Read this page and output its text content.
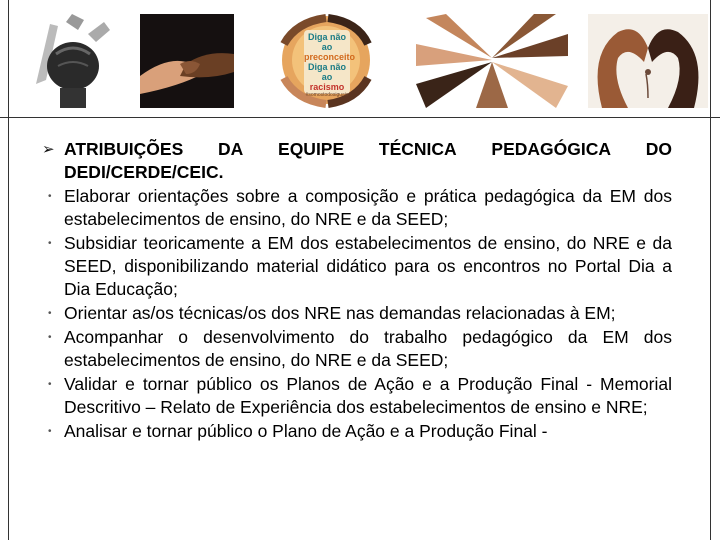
Diga não ao
preconceito
Diga não ao
racismo
#somostodosiguais
➢ ATRIBUIÇÕES DA EQUIPE TÉCNICA PEDAGÓGICA DO
DEDI/CERDE/CEIC.
• Elaborar orientações sobre a composição e prática pedagógica da EM dos estabelecimentos de ensino, do NRE e da SEED;
• Subsidiar teoricamente a EM dos estabelecimentos de ensino, do NRE e da SEED, disponibilizando material didático para os encontros no Portal Dia a Dia Educação;
• Orientar as/os técnicas/os dos NRE nas demandas relacionadas à EM;
• Acompanhar o desenvolvimento do trabalho pedagógico da EM dos estabelecimentos de ensino, do NRE e da SEED;
• Validar e tornar público os Planos de Ação e a Produção Final - Memorial Descritivo – Relato de Experiência dos estabelecimentos de ensino e NRE;
• Analisar e tornar público o Plano de Ação e a Produção Final -
